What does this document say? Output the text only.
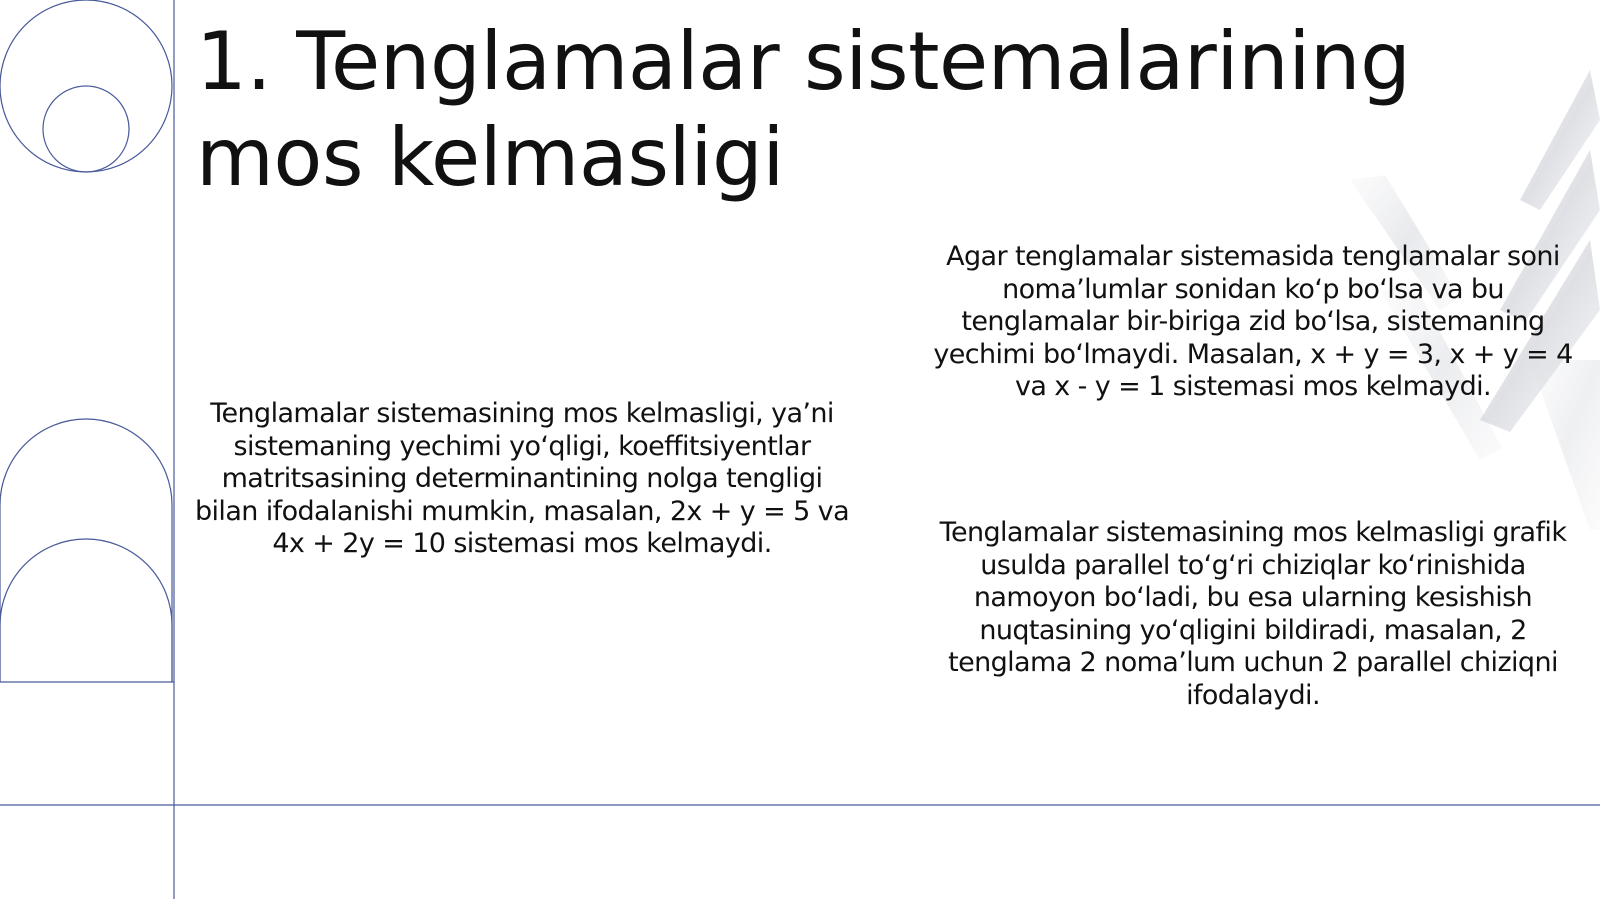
1. Tenglamalar sistemalarining mos kelmasligi

Tenglamalar sistemasining mos kelmasligi, ya’ni sistemaning yechimi yo‘qligi, koeffitsiyentlar matritsasining determinantining nolga tengligi bilan ifodalanishi mumkin, masalan, 2x + y = 5 va 4x + 2y = 10 sistemasi mos kelmaydi.

Agar tenglamalar sistemasida tenglamalar soni noma’lumlar sonidan ko‘p bo‘lsa va bu tenglamalar bir-biriga zid bo‘lsa, sistemaning yechimi bo‘lmaydi. Masalan, x + y = 3, x + y = 4 va x - y = 1 sistemasi mos kelmaydi.

Tenglamalar sistemasining mos kelmasligi grafik usulda parallel to‘g‘ri chiziqlar ko‘rinishida namoyon bo‘ladi, bu esa ularning kesishish nuqtasining yo‘qligini bildiradi, masalan, 2 tenglama 2 noma’lum uchun 2 parallel chiziqni ifodalaydi.
